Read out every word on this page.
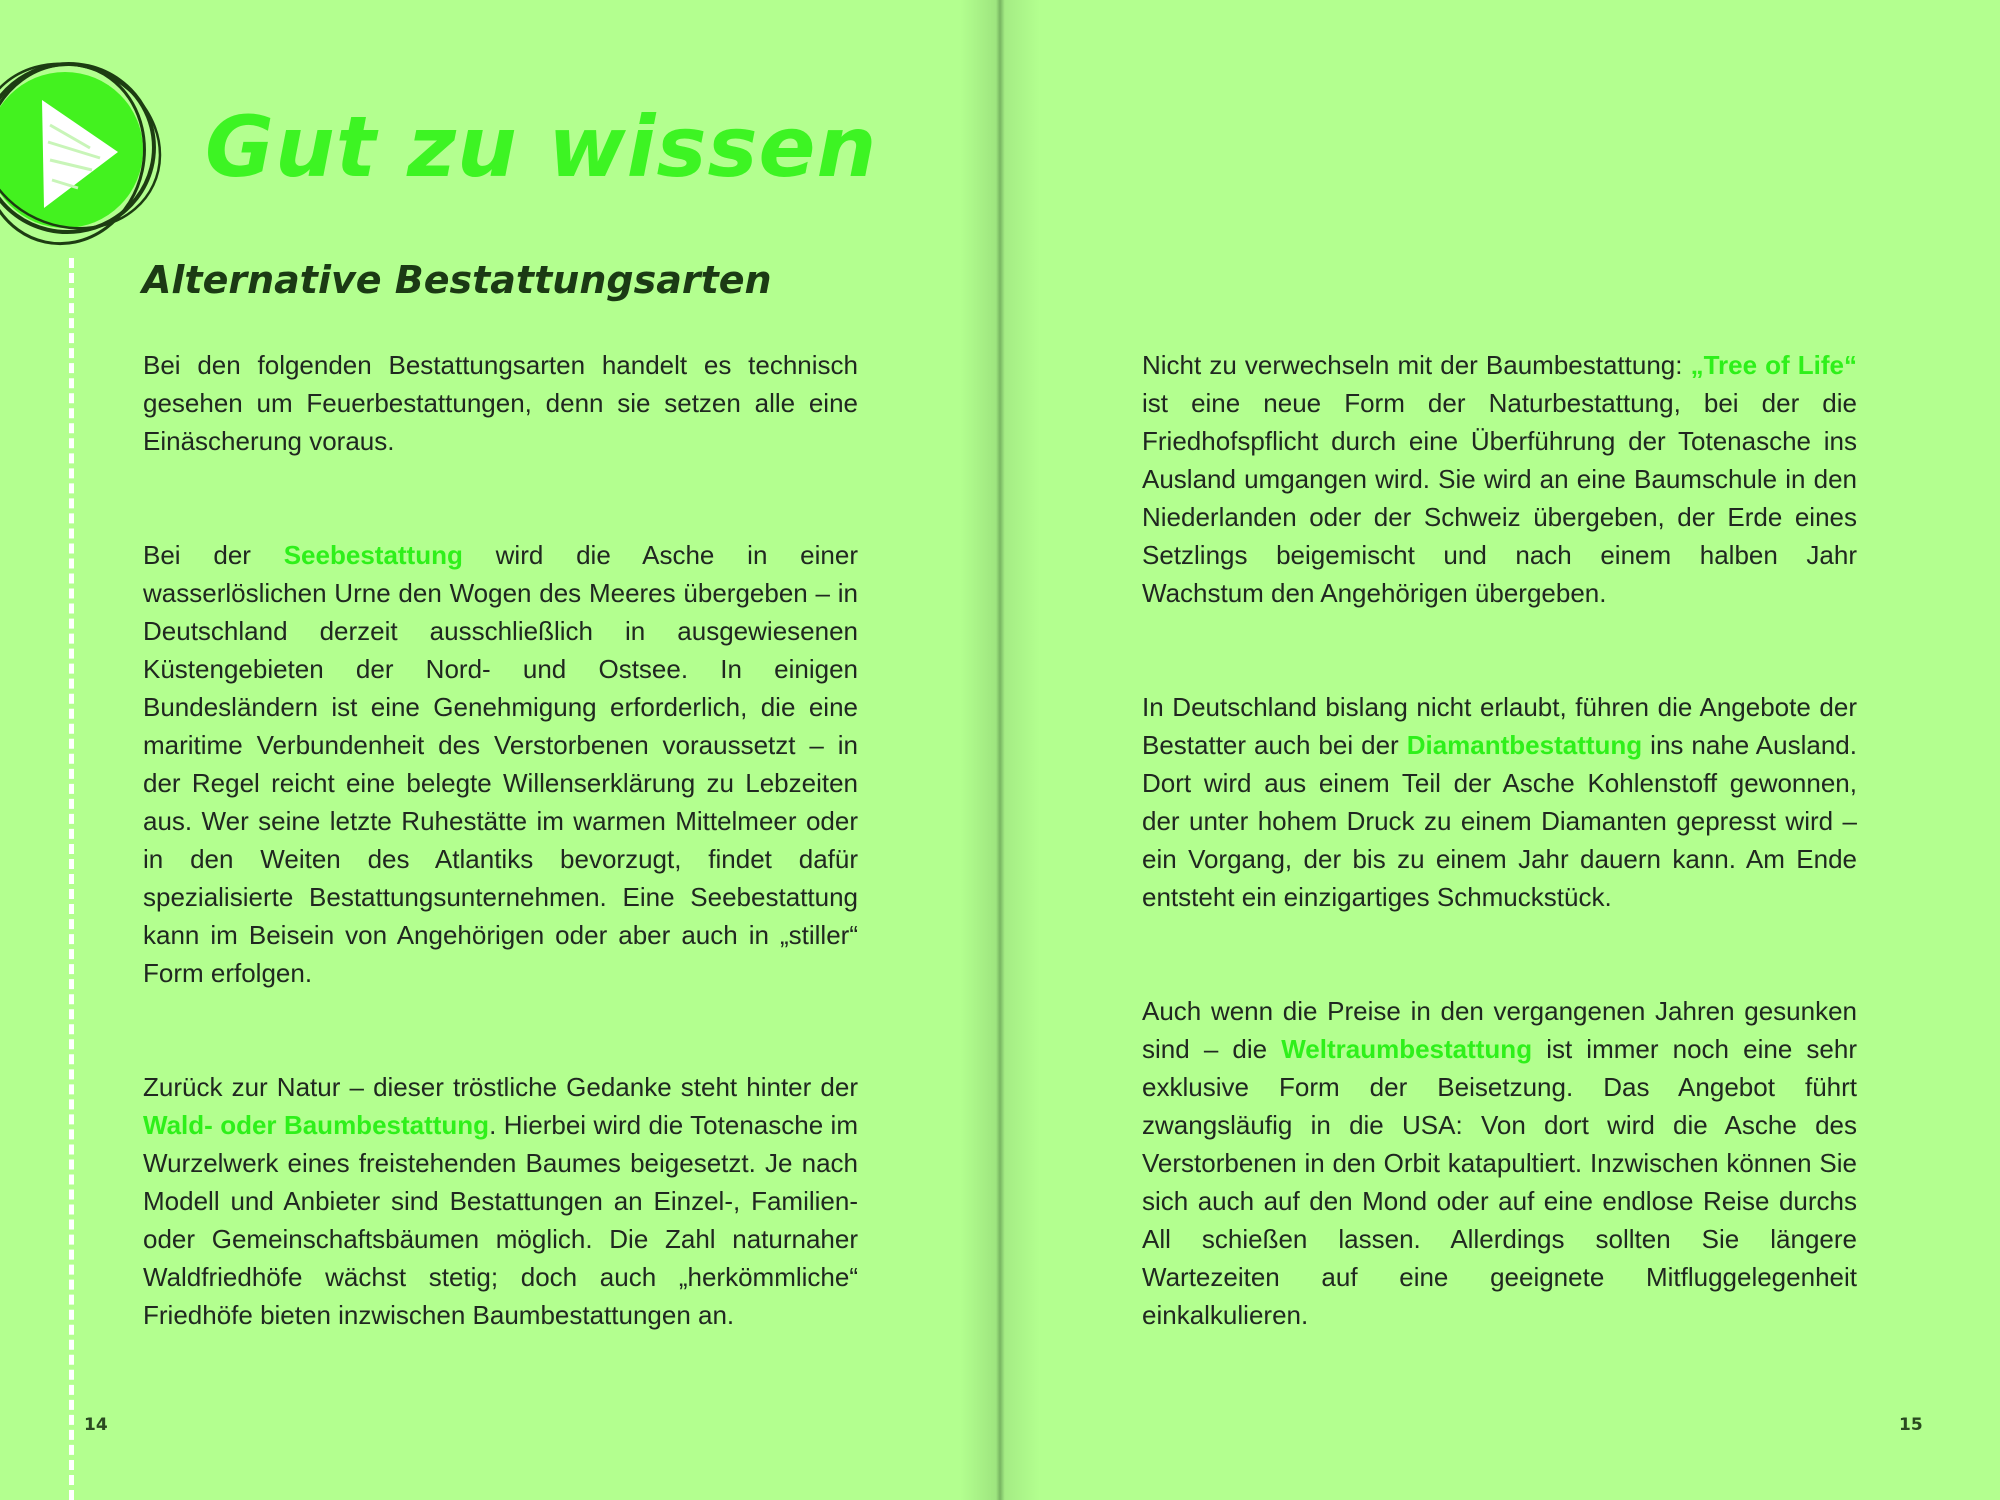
Gut zu wissen
Alternative Bestattungsarten

Bei den folgenden Bestattungsarten handelt es technisch gesehen um Feuerbestattungen, denn sie setzen alle eine Einäscherung voraus.

Bei der Seebestattung wird die Asche in einer wasserlöslichen Urne den Wogen des Meeres übergeben – in Deutschland derzeit ausschließlich in ausgewiesenen Küstengebieten der Nord- und Ostsee. In einigen Bundesländern ist eine Genehmigung erforderlich, die eine maritime Verbundenheit des Verstorbenen voraussetzt – in der Regel reicht eine belegte Willenserklärung zu Lebzeiten aus. Wer seine letzte Ruhestätte im warmen Mittelmeer oder in den Weiten des Atlantiks bevorzugt, findet dafür spezialisierte Bestattungsunternehmen. Eine Seebestattung kann im Beisein von Angehörigen oder aber auch in „stiller“ Form erfolgen.

Zurück zur Natur – dieser tröstliche Gedanke steht hinter der Wald- oder Baumbestattung. Hierbei wird die Totenasche im Wurzelwerk eines freistehenden Baumes beigesetzt. Je nach Modell und Anbieter sind Bestattungen an Einzel-, Familien- oder Gemeinschaftsbäumen möglich. Die Zahl naturnaher Waldfriedhöfe wächst stetig; doch auch „herkömmliche“ Friedhöfe bieten inzwischen Baumbestattungen an.

14	15

Nicht zu verwechseln mit der Baumbestattung: „Tree of Life“ ist eine neue Form der Naturbestattung, bei der die Friedhofspflicht durch eine Überführung der Totenasche ins Ausland umgangen wird. Sie wird an eine Baumschule in den Niederlanden oder der Schweiz übergeben, der Erde eines Setzlings beigemischt und nach einem halben Jahr Wachstum den Angehörigen übergeben.

In Deutschland bislang nicht erlaubt, führen die Angebote der Bestatter auch bei der Diamantbestattung ins nahe Ausland. Dort wird aus einem Teil der Asche Kohlenstoff gewonnen, der unter hohem Druck zu einem Diamanten gepresst wird – ein Vorgang, der bis zu einem Jahr dauern kann. Am Ende entsteht ein einzigartiges Schmuckstück.

Auch wenn die Preise in den vergangenen Jahren gesunken sind – die Weltraumbestattung ist immer noch eine sehr exklusive Form der Beisetzung. Das Angebot führt zwangsläufig in die USA: Von dort wird die Asche des Verstorbenen in den Orbit katapultiert. Inzwischen können Sie sich auch auf den Mond oder auf eine endlose Reise durchs All schießen lassen. Allerdings sollten Sie längere Wartezeiten auf eine geeignete Mitfluggelegenheit einkalkulieren.
